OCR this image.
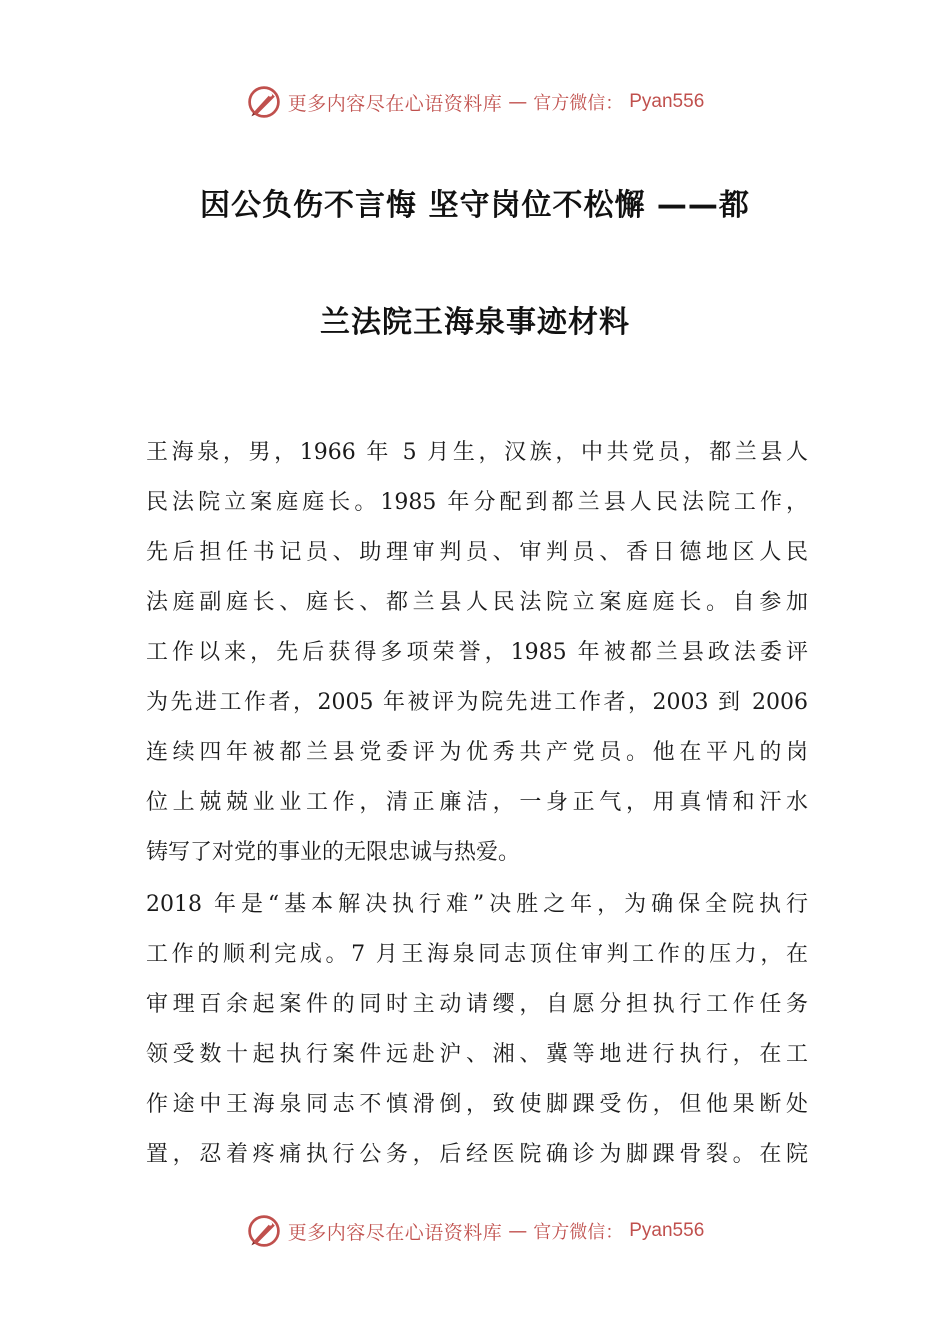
更多内容尽在心语资料库 — 官方微信： Pyan556
因公负伤不言悔 坚守岗位不松懈 ——都
兰法院王海泉事迹材料
王海泉，男，1966 年 5 月生，汉族，中共党员，都兰县人
民法院立案庭庭长。1985 年分配到都兰县人民法院工作，
先后担任书记员、助理审判员、审判员、香日德地区人民
法庭副庭长、庭长、都兰县人民法院立案庭庭长。自参加
工作以来，先后获得多项荣誉，1985 年被都兰县政法委评
为先进工作者，2005 年被评为院先进工作者，2003 到 2006
连续四年被都兰县党委评为优秀共产党员。他在平凡的岗
位上兢兢业业工作，清正廉洁，一身正气，用真情和汗水
铸写了对党的事业的无限忠诚与热爱。
2018 年是“基本解决执行难”决胜之年，为确保全院执行
工作的顺利完成。7 月王海泉同志顶住审判工作的压力，在
审理百余起案件的同时主动请缨，自愿分担执行工作任务
领受数十起执行案件远赴沪、湘、冀等地进行执行，在工
作途中王海泉同志不慎滑倒，致使脚踝受伤，但他果断处
置，忍着疼痛执行公务，后经医院确诊为脚踝骨裂。在院
更多内容尽在心语资料库 — 官方微信： Pyan556
